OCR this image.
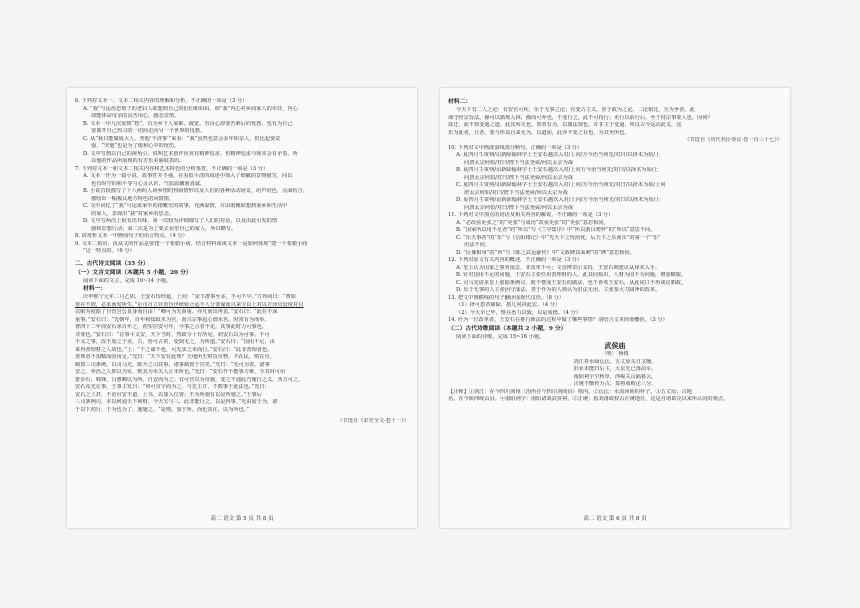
6. 下列对文本一、文本二相关内容的理解和分析，不正确的一项是（3 分）
A. “我”与运齿忠梨子的老妇人联想到自己的伯伯和妈妈，谓“我”内心对乡间家人的牵挂，内心
却能体谅母亲的良苦用心，感念亲情。
B. 文本一中几次说到“愁”，有为乡下人家难、疏宽、有良心却要苦难后的忧愁，也有为自己
要离开自己热习的一切而走向另一个世界的忧愁。
C. 从“我只能做成大人，哭他‘不济事’”来看：“我”虽然也意会多年如亲人，但比起要景
强，“哭他”也是为了缓和心中的忧伤。
D. 文中写到以自己的视角引，说明艺术创作应该有精神追求，但精神追求与现实会有矛盾，所
以他的作品所展现的有苦乐美丽展表的。
7. 下列对文本一和文本二相关内容和艺术特色的分析鉴赏，不正确的一项是（3 分）
A. 文本一作为一篇小说，故事性并不强，在看似平淡的叙述中加入了细腻的景物描写，同以
也有时空的和平等与心灵认识，气质温馨而真诚。
B. 小说首段描写了十八两吗人场乡情的热闹情形以及人们的各种活动场景，给声给色，点面结合，
描绘出一幅极具地方特色的风情图。
C. 文中回忆了“我”与运果家中的雨靴史的故事，充满温情，并由雨靴联想到家乡和生活中
的家人，表现出“我”对家乡的思念。
D. 文中写两次上街有语有味，第一次较为详细描写了人们的对话，以及由此引发的情
感和思想行动；第二次是为了要去看望自己的家人，所以略写。
8. 请赏析文本一中画线句子的语言特点。（4 分）
9. 文本二指出，汝从文的作品是要建一个希腊小庙，结合材料谈谈文本一是如何体现“建一个希腊小庙
”这一特点的。（6 分）
二、古代诗文阅读（35 分）
（一）文言文阅读（本题共 5 小题，20 分）
阅读下面的文言，完成 10~14 小题。
材料一：
庆申熙宁元年二月乙卯，王安石侍经筵，上问：“宋下群事至多，不可不早。”方得问曰：“曹如
帮在不谓，必求而发所生。”臣司月立宫治旨世秋转合运不人分要谋而兴来令以上对以方泽宜设度对目
以帕为权限了自营宫公良身而自由！”卿可为先而重。亦凡而出再表。”安石曰：“此在不深
重事。”安石曰：“先朝年，百年和知政未为官，而兴宗事起心谓未名，时常有为而举。
曹四十二年而安石承百年之，初实居安可年，今事之言者不见，其事此时力可事也。
非要也。”安石曰：“在事平义安，天下当时，然政令十有所见，而安石以为可事。不可
不义之事，改不加之于美，古，皆可古常，变到无之，为所道。”安石曰：“国用不足，由
来得善理财之人故也。”上：“千之谋不也，可先求之未而行。”安石曰：“此非善理者也。
善理者不加赋而国用足。”光曰：“天下安有此理？天地所生财货百物，不在民，则在官。
制置三司条例，以司马光，陈升之司其事，诸事制置于宫矣。”光曰：“先可为表，诸事
安之，养治之人仰以为室，则其为未失人止未所也。”光曰：“安石作不能事力难，令其材可用
排步石，韩锋，吕惠卿以为所，自安而为之；宜可宫以为仅施，变之不通此乃施行之义，各力可之。
安石及光在事，王事主发曰：“何可宜宇而为之，与先主并，不数事于此法也。”光曰：
安石之上甚，不治官安不道，上书，以加入位置；不为所施有以是所施之。”王事后
三司条例司，本以何通天下利财。今天宝与三，此非能行之。以是得事。”光由加于为，诸
于以下初行，于为也为了，施施之。“是则，加于所，而也其在，以为所也。”
（节选自《宋史全文·卷十一》）
高二 语文 第 5 页 共 8 页
材料二：
今天下有二人之论：有安官可疾，乐于无事之论；有变古主义，喜于敢为之论。二论相比，互为争者，此
调守经宗旨法，操可以循规入林，操而可弃也。不变行之，此不可持行；更行以前行后，至于持宗事要人也，因何？
故迁，而不知变通之道，此其所失也。善者有为，以循法规也。并非主于变通，所以古今运动此义，这
乐为此者，豆者，要与所益自来无为，以道而，此亦不变之有也，为其至所也。
（节选自《历代名臣奏议·卷一百三十七》）
10. 下列对文中画波浪线部分断句，正确的一项是（3 分）
A. 夏四月壬寅朔/诏新除翰林学士王安石越次入对/上问/方今治当何先/对曰/以择术为始/上
问唐太宗何如/对曰/陛下当法尧舜/何以太宗为哉
B. 夏四月壬寅朔/诏新除翰林学士王安石越次入对/上问方今治当何先/对曰/以择术为始/上
问唐太宗何如/对曰/陛下当法尧舜/何以太宗为哉
C. 夏四月壬寅朔/诏新除翰林学士王安石越次入对/上问/方今治当何先/对曰/以择术为始/上问
唐太宗何如/对曰/陛下当法尧舜/何以太宗为哉
D. 夏四月壬寅朔/诏新除翰林学士王安石越次入对/上问/方今治当何先/对曰/以择术为始/上
问唐太宗何如/对曰/陛下当法尧舜/何以太宗为哉
11. 下列对文中加点的词语及相关内容的解说，不正确的一项是（3 分）
A. “必改弦更张之”的“更张”与成语“改弦更张”的“更张”意思相同。
B. “国家所以用不足者”的“所以”与《兰亭集序》中“所以游目骋怀”的“所以”意思不同。
C. “乐天事者”的“乐”与《岳阳楼记》中“先天下之忧而忧，后天下之乐而乐”的第一个“乐”
用法不同。
D. “臣豫相用”的“得”与《陈之武运豪传》中“文政碑其面刺”的“碑”意思相同。
12. 下列对原文有关内容的概述，不正确的一项是（3 分）
A. 皇上认为国家之事务很急，非改革不可；文彦博表示支持，王安石则建议从择术入手。
B. 针对国用不足的问题，王安石主张任用善理财的人，此其同指出，人财为国不为问题，增加赋税。
C. 司马光请求皇上废除条例司，既不赞成王安石的做法，也不喜欢王安石，从此同口不再谈议朝政。
D. 乐于无事的人主张因守成法，善于作为的人则认为旧法无用，主张要大刀阔斧的改革。
13. 把文中画横线的句子翻译成现代汉语。（8 分）
（1）择可患者铺除，措几同拼此宏。（4 分）
（2）今大幸已毕，惟在悉力以致，以是成德。（4 分）
14. 作为一位改革者，王安石在推行新法的过程中做了哪些事情？请结合文本简要概括。（3 分）
（二）古代诗歌阅读（本题共 2 小题，9 分）
阅读下面的诗歌，完成 15~16 小题。
武侯庙
〔明〕 杨慎
剑江春水绿沄沄，五丈原头日又曛。
旧业未能归后主，大星先已落前军。
南阳祠宇空秋草，西蜀关山隔暮云。
正统不惭传万古，莫将成败论三分。
【注释】①剑江：在今四川剑州（治所在今四川剑阁县）境内。②沄沄：水流回转的样子。③五丈原：古地
名，在今陕西岐山县。④南阳祠宇：南阳诸葛武侯祠。⑤正统：指刘备政权占正统地位，这是自诸葛亮以来所认同的观点。
高二 语文 第 6 页 共 8 页
